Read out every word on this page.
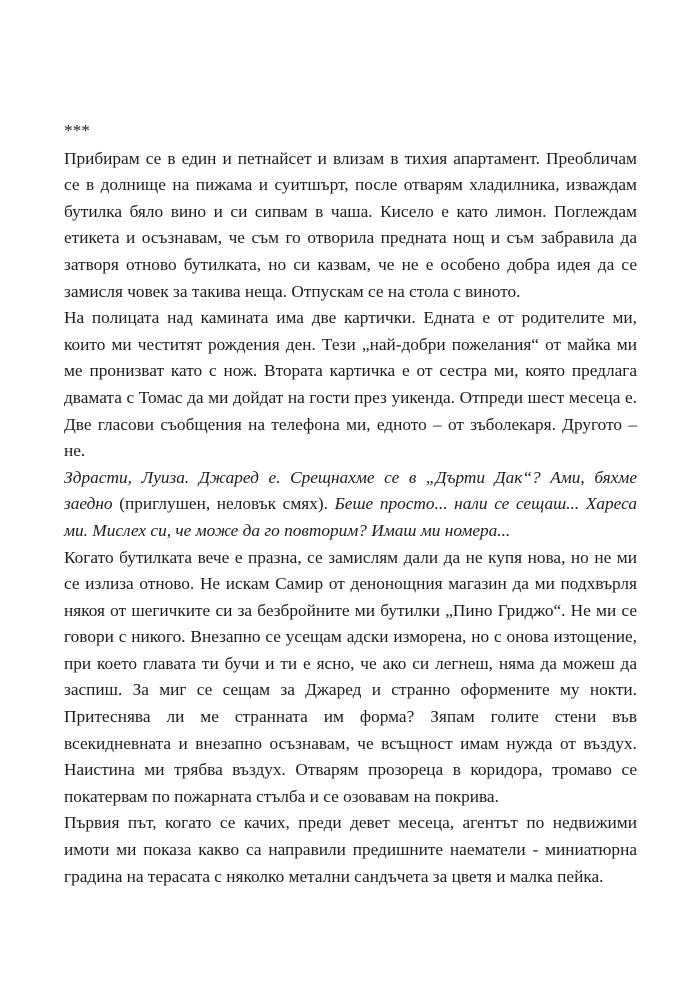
***

Прибирам се в един и петнайсет и влизам в тихия апартамент. Преобличам се в долнище на пижама и суитшърт, после отварям хладилника, изваждам бутилка бяло вино и си сипвам в чаша. Кисело е като лимон. Поглеждам етикета и осъзнавам, че съм го отворила предната нощ и съм забравила да затворя отново бутилката, но си казвам, че не е особено добра идея да се замисля човек за такива неща. Отпускам се на стола с виното.

На полицата над камината има две картички. Едната е от родителите ми, които ми честитят рождения ден. Тези „най-добри пожелания“ от майка ми ме пронизват като с нож. Втората картичка е от сестра ми, която предлага двамата с Томас да ми дойдат на гости през уикенда. Отпреди шест месеца е. Две гласови съобщения на телефона ми, едното – от зъболекаря. Другото – не.

Здрасти, Луиза. Джаред е. Срещнахме се в „Дърти Дак“? Ами, бяхме заедно (приглушен, неловък смях). Беше просто... нали се сещаш... Хареса ми. Мислех си, че може да го повторим? Имаш ми номера...

Когато бутилката вече е празна, се замислям дали да не купя нова, но не ми се излиза отново. Не искам Самир от денонощния магазин да ми подхвърля някоя от шегичките си за безбройните ми бутилки „Пино Гриджо“. Не ми се говори с никого. Внезапно се усещам адски изморена, но с онова изтощение, при което главата ти бучи и ти е ясно, че ако си легнеш, няма да можеш да заспиш. За миг се сещам за Джаред и странно оформените му нокти. Притеснява ли ме странната им форма? Зяпам голите стени във всекидневната и внезапно осъзнавам, че всъщност имам нужда от въздух. Наистина ми трябва въздух. Отварям прозореца в коридора, тромаво се покатервам по пожарната стълба и се озовавам на покрива.

Първия път, когато се качих, преди девет месеца, агентът по недвижими имоти ми показа какво са направили предишните наематели - миниатюрна градина на терасата с няколко метални сандъчета за цветя и малка пейка.
